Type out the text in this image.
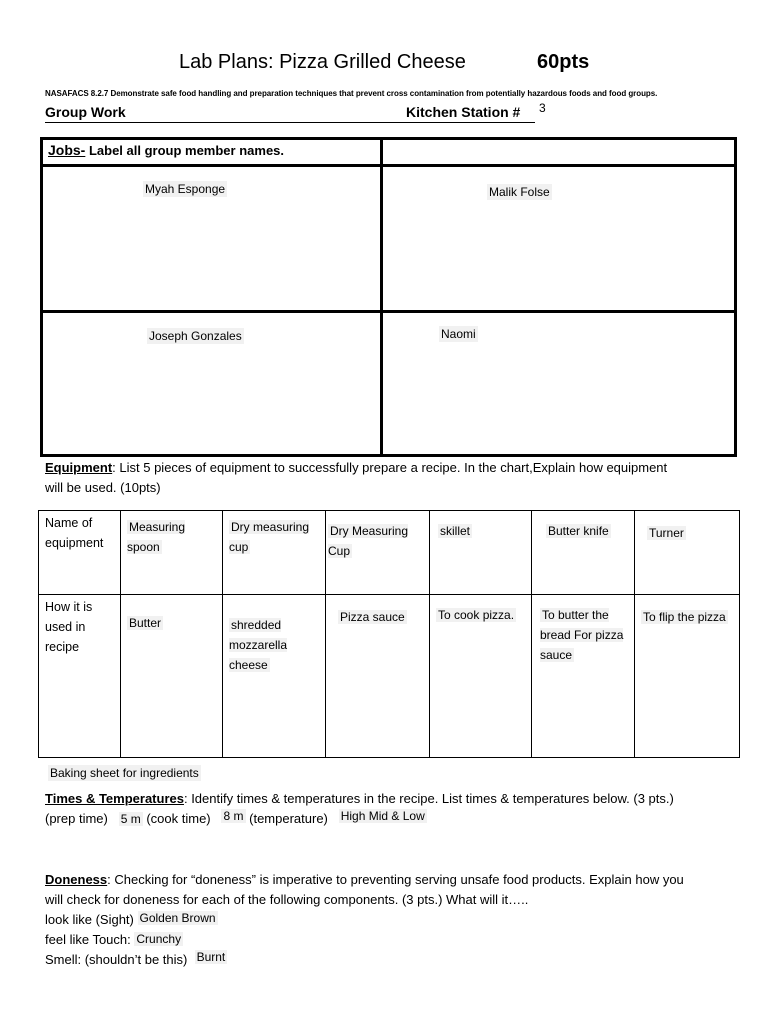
Lab Plans: Pizza Grilled Cheese	60pts
NASAFACS 8.2.7 Demonstrate safe food handling and preparation techniques that prevent cross contamination from potentially hazardous foods and food groups.
Group Work	Kitchen Station # 3
Jobs- Label all group member names.
Myah Esponge	Malik Folse
Joseph Gonzales	Naomi
Equipment: List 5 pieces of equipment to successfully prepare a recipe. In the chart,Explain how equipment
will be used. (10pts)
Name of equipment	Measuring spoon	Dry measuring cup	Dry Measuring Cup	skillet	Butter knife	Turner
How it is used in recipe	Butter	shredded mozzarella cheese	Pizza sauce	To cook pizza.	To butter the bread For pizza sauce	To flip the pizza
Baking sheet for ingredients
Times & Temperatures: Identify times & temperatures in the recipe. List times & temperatures below. (3 pts.)
(prep time) 5 m (cook time) 8 m (temperature) High Mid & Low
Doneness: Checking for “doneness” is imperative to preventing serving unsafe food products. Explain how you
will check for doneness for each of the following components. (3 pts.) What will it…..
look like (Sight) Golden Brown
feel like Touch: Crunchy
Smell: (shouldn’t be this) Burnt
